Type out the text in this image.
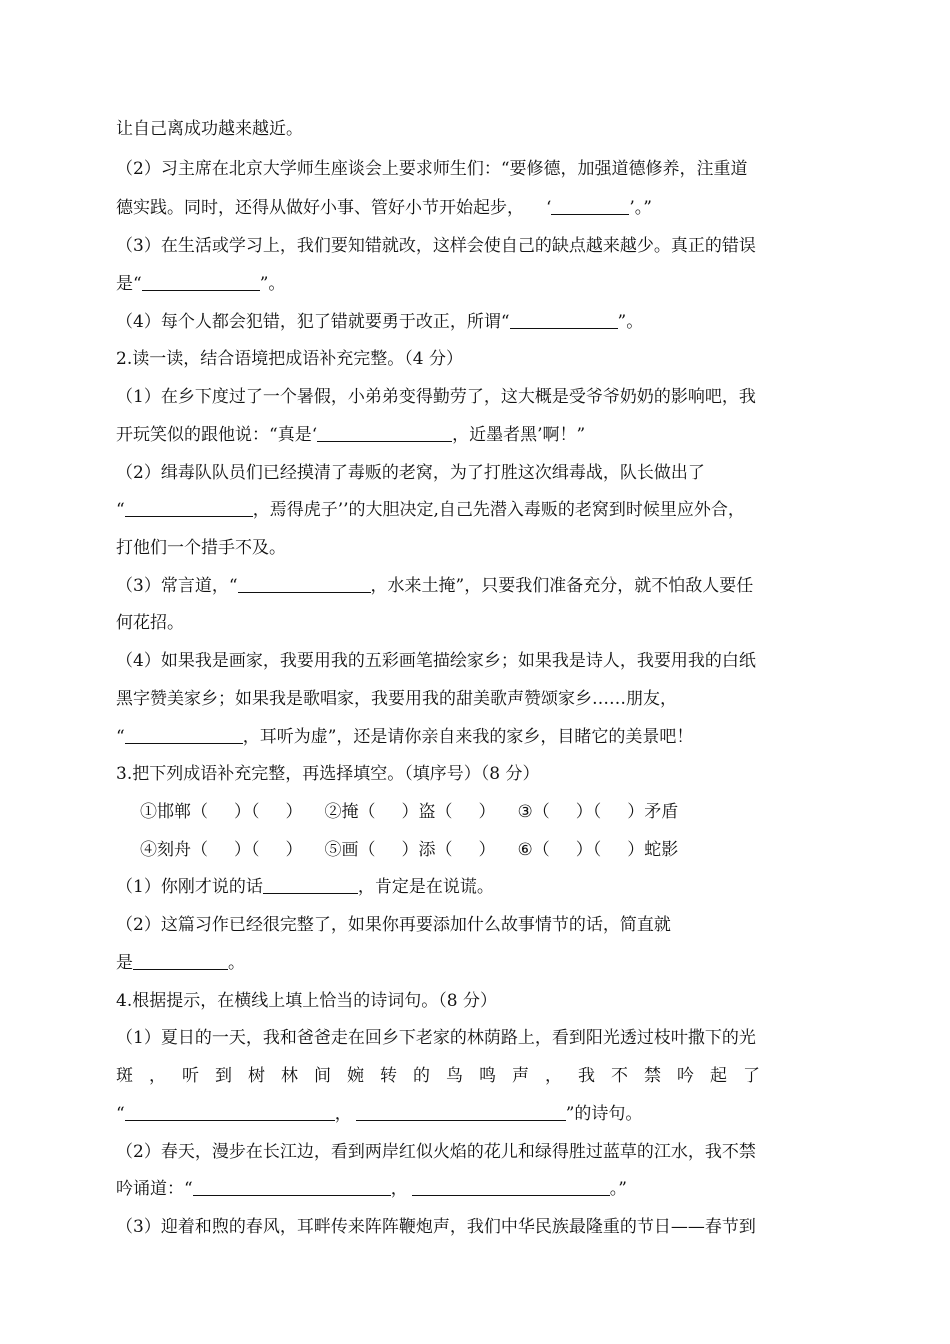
让自己离成功越来越近。
（2）习主席在北京大学师生座谈会上要求师生们：“要修德，加强道德修养，注重道
德实践。同时，还得从做好小事、管好小节开始起步， ‘	’。”
（3）在生活或学习上，我们要知错就改，这样会使自己的缺点越来越少。真正的错误
是“	”。
（4）每个人都会犯错，犯了错就要勇于改正，所谓“	”。
2.读一读，结合语境把成语补充完整。（4 分）
（1）在乡下度过了一个暑假，小弟弟变得勤劳了，这大概是受爷爷奶奶的影响吧，我
开玩笑似的跟他说：“真是‘	，近墨者黑’啊！”
（2）缉毒队队员们已经摸清了毒贩的老窝，为了打胜这次缉毒战，队长做出了
“	，焉得虎子’’的大胆决定,自己先潜入毒贩的老窝到时候里应外合，
打他们一个措手不及。
（3）常言道，“	，水来土掩”，只要我们准备充分，就不怕敌人要任
何花招。
（4）如果我是画家，我要用我的五彩画笔描绘家乡；如果我是诗人，我要用我的白纸
黑字赞美家乡；如果我是歌唱家，我要用我的甜美歌声赞颂家乡……朋友，
“	，耳听为虚”，还是请你亲自来我的家乡，目睹它的美景吧！
3.把下列成语补充完整，再选择填空。（填序号）（8 分）
①邯郸（ ）（ ） ②掩（ ）盗（ ） ③（ ）（ ）矛盾
④刻舟（ ）（ ） ⑤画（ ）添（ ） ⑥（ ）（ ）蛇影
（1）你刚才说的话	，肯定是在说谎。
（2）这篇习作已经很完整了，如果你再要添加什么故事情节的话，简直就
是	。
4.根据提示，在横线上填上恰当的诗词句。（8 分）
（1）夏日的一天，我和爸爸走在回乡下老家的林荫路上，看到阳光透过枝叶撒下的光
斑，听到树林间婉转的鸟鸣声，我不禁吟起了
“	，	”的诗句。
（2）春天，漫步在长江边，看到两岸红似火焰的花儿和绿得胜过蓝草的江水，我不禁
吟诵道：“	，	。”
（3）迎着和煦的春风，耳畔传来阵阵鞭炮声，我们中华民族最隆重的节日——春节到
